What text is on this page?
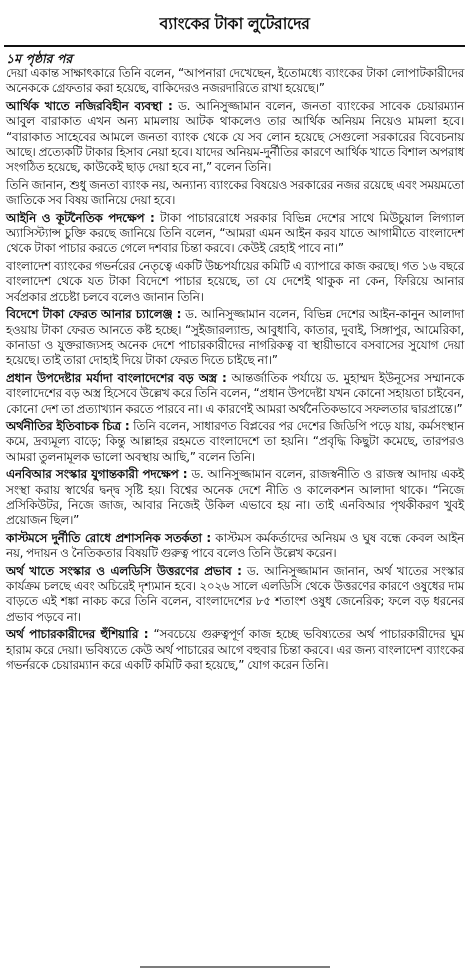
ব্যাংকের টাকা লুটেরাদের
১ম পৃষ্ঠার পর

দেয়া একান্ত সাক্ষাৎকারে তিনি বলেন, “আপনারা দেখেছেন, ইতোমধ্যে ব্যাংকের টাকা লোপাটকারীদের অনেককে গ্রেফতার করা হয়েছে, বাকিদেরও নজরদারিতে রাখা হয়েছে।”

আর্থিক খাতে নজিরবিহীন ব্যবস্থা : ড. আনিসুজ্জামান বলেন, জনতা ব্যাংকের সাবেক চেয়ারম্যান আবুল বারাকাত এখন অন্য মামলায় আটক থাকলেও তার আর্থিক অনিয়ম নিয়েও মামলা হবে। “বারাকাত সাহেবের আমলে জনতা ব্যাংক থেকে যে সব লোন হয়েছে সেগুলো সরকারের বিবেচনায় আছে। প্রত্যেকটি টাকার হিসাব নেয়া হবে। যাদের অনিয়ম-দুর্নীতির কারণে আর্থিক খাতে বিশাল অপরাধ সংগঠিত হয়েছে, কাউকেই ছাড় দেয়া হবে না,” বলেন তিনি।

তিনি জানান, শুধু জনতা ব্যাংক নয়, অন্যান্য ব্যাংকের বিষয়েও সরকারের নজর রয়েছে এবং সময়মতো জাতিকে সব বিষয় জানিয়ে দেয়া হবে।

আইনি ও কূটনৈতিক পদক্ষেপ : টাকা পাচাররোধে সরকার বিভিন্ন দেশের সাথে মিউচুয়াল লিগ্যাল অ্যাসিস্ট্যান্স চুক্তি করছে জানিয়ে তিনি বলেন, “আমরা এমন আইন করব যাতে আগামীতে বাংলাদেশ থেকে টাকা পাচার করতে গেলে দশবার চিন্তা করবে। কেউই রেহাই পাবে না।”

বাংলাদেশ ব্যাংকের গভর্নরের নেতৃত্বে একটি উচ্চপর্যায়ের কমিটি এ ব্যাপারে কাজ করছে। গত ১৬ বছরে বাংলাদেশ থেকে যত টাকা বিদেশে পাচার হয়েছে, তা যে দেশেই থাকুক না কেন, ফিরিয়ে আনার সর্বপ্রকার প্রচেষ্টা চলবে বলেও জানান তিনি।

বিদেশে টাকা ফেরত আনার চ্যালেঞ্জ : ড. আনিসুজ্জামান বলেন, বিভিন্ন দেশের আইন-কানুন আলাদা হওয়ায় টাকা ফেরত আনতে কষ্ট হচ্ছে। “সুইজারল্যান্ড, আবুধাবি, কাতার, দুবাই, সিঙ্গাপুর, আমেরিকা, কানাডা ও যুক্তরাজ্যসহ অনেক দেশে পাচারকারীদের নাগরিকত্ব বা স্থায়ীভাবে বসবাসের সুযোগ দেয়া হয়েছে। তাই তারা দোহাই দিয়ে টাকা ফেরত দিতে চাইছে না।”

প্রধান উপদেষ্টার মর্যাদা বাংলাদেশের বড় অস্ত্র : আন্তর্জাতিক পর্যায়ে ড. মুহাম্মদ ইউনূসের সম্মানকে বাংলাদেশের বড় অস্ত্র হিসেবে উল্লেখ করে তিনি বলেন, “প্রধান উপদেষ্টা যখন কোনো সহায়তা চাইবেন, কোনো দেশ তা প্রত্যাখ্যান করতে পারবে না। এ কারণেই আমরা অর্থনৈতিকভাবে সফলতার দ্বারপ্রান্তে।”

অর্থনীতির ইতিবাচক চিত্র : তিনি বলেন, সাধারণত বিপ্লবের পর দেশের জিডিপি পড়ে যায়, কর্মসংস্থান কমে, দ্রব্যমূল্য বাড়ে; কিন্তু আল্লাহর রহমতে বাংলাদেশে তা হয়নি। “প্রবৃদ্ধি কিছুটা কমেছে, তারপরও আমরা তুলনামূলক ভালো অবস্থায় আছি,” বলেন তিনি।

এনবিআর সংস্কার যুগান্তকারী পদক্ষেপ : ড. আনিসুজ্জামান বলেন, রাজস্বনীতি ও রাজস্ব আদায় একই সংস্থা করায় স্বার্থের দ্বন্দ্ব সৃষ্টি হয়। বিশ্বের অনেক দেশে নীতি ও কালেকশন আলাদা থাকে। “নিজে প্রসিকিউটর, নিজে জাজ, আবার নিজেই উকিল এভাবে হয় না। তাই এনবিআর পৃথকীকরণ খুবই প্রয়োজন ছিল।”

কাস্টমসে দুর্নীতি রোধে প্রশাসনিক সতর্কতা : কাস্টমস কর্মকর্তাদের অনিয়ম ও ঘুষ বন্ধে কেবল আইন নয়, পদায়ন ও নৈতিকতার বিষয়টি গুরুত্ব পাবে বলেও তিনি উল্লেখ করেন।

অর্থ খাতে সংস্কার ও এলডিসি উত্তরণের প্রভাব : ড. আনিসুজ্জামান জানান, অর্থ খাতের সংস্কার কার্যক্রম চলছে এবং অচিরেই দৃশ্যমান হবে। ২০২৬ সালে এলডিসি থেকে উত্তরণের কারণে ওষুধের দাম বাড়তে এই শঙ্কা নাকচ করে তিনি বলেন, বাংলাদেশের ৮৫ শতাংশ ওষুধ জেনেরিক; ফলে বড় ধরনের প্রভাব পড়বে না।

অর্থ পাচারকারীদের হুঁশিয়ারি : “সবচেয়ে গুরুত্বপূর্ণ কাজ হচ্ছে ভবিষ্যতের অর্থ পাচারকারীদের ঘুম হারাম করে দেয়া। ভবিষ্যতে কেউ অর্থ পাচারের আগে বহুবার চিন্তা করবে। এর জন্য বাংলাদেশ ব্যাংকের গভর্নরকে চেয়ারম্যান করে একটি কমিটি করা হয়েছে,” যোগ করেন তিনি।
